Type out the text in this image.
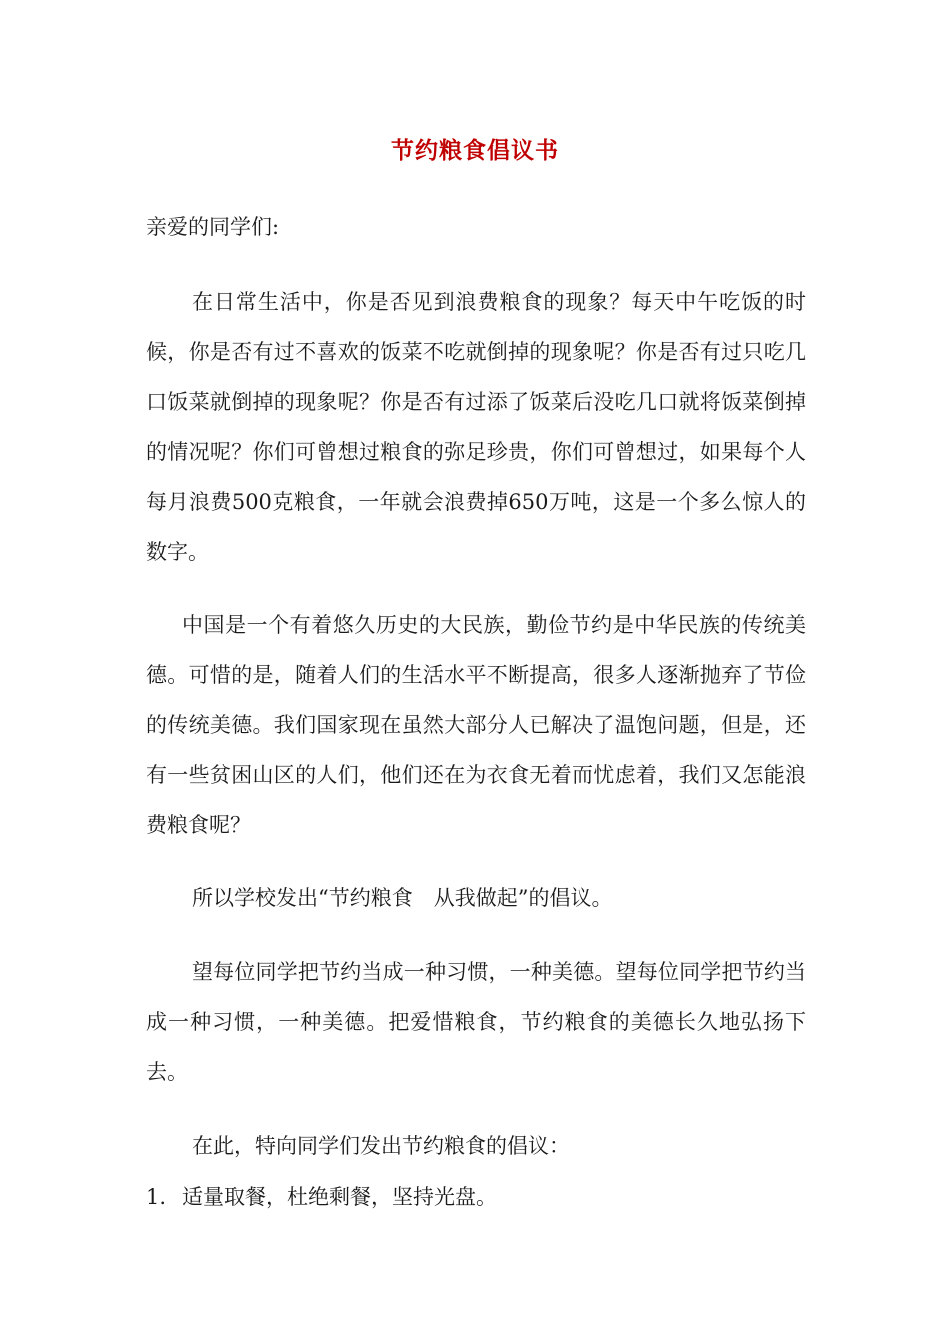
节约粮食倡议书
亲爱的同学们:

在日常生活中，你是否见到浪费粮食的现象？每天中午吃饭的时候，你是否有过不喜欢的饭菜不吃就倒掉的现象呢？你是否有过只吃几口饭菜就倒掉的现象呢？你是否有过添了饭菜后没吃几口就将饭菜倒掉的情况呢？你们可曾想过粮食的弥足珍贵，你们可曾想过，如果每个人每月浪费500克粮食，一年就会浪费掉650万吨，这是一个多么惊人的数字。

中国是一个有着悠久历史的大民族，勤俭节约是中华民族的传统美德。可惜的是，随着人们的生活水平不断提高，很多人逐渐抛弃了节俭的传统美德。我们国家现在虽然大部分人已解决了温饱问题，但是，还有一些贫困山区的人们，他们还在为衣食无着而忧虑着，我们又怎能浪费粮食呢？

所以学校发出“节约粮食　从我做起”的倡议。

望每位同学把节约当成一种习惯，一种美德。望每位同学把节约当成一种习惯，一种美德。把爱惜粮食，节约粮食的美德长久地弘扬下去。

在此，特向同学们发出节约粮食的倡议：

1. 适量取餐，杜绝剩餐，坚持光盘。
